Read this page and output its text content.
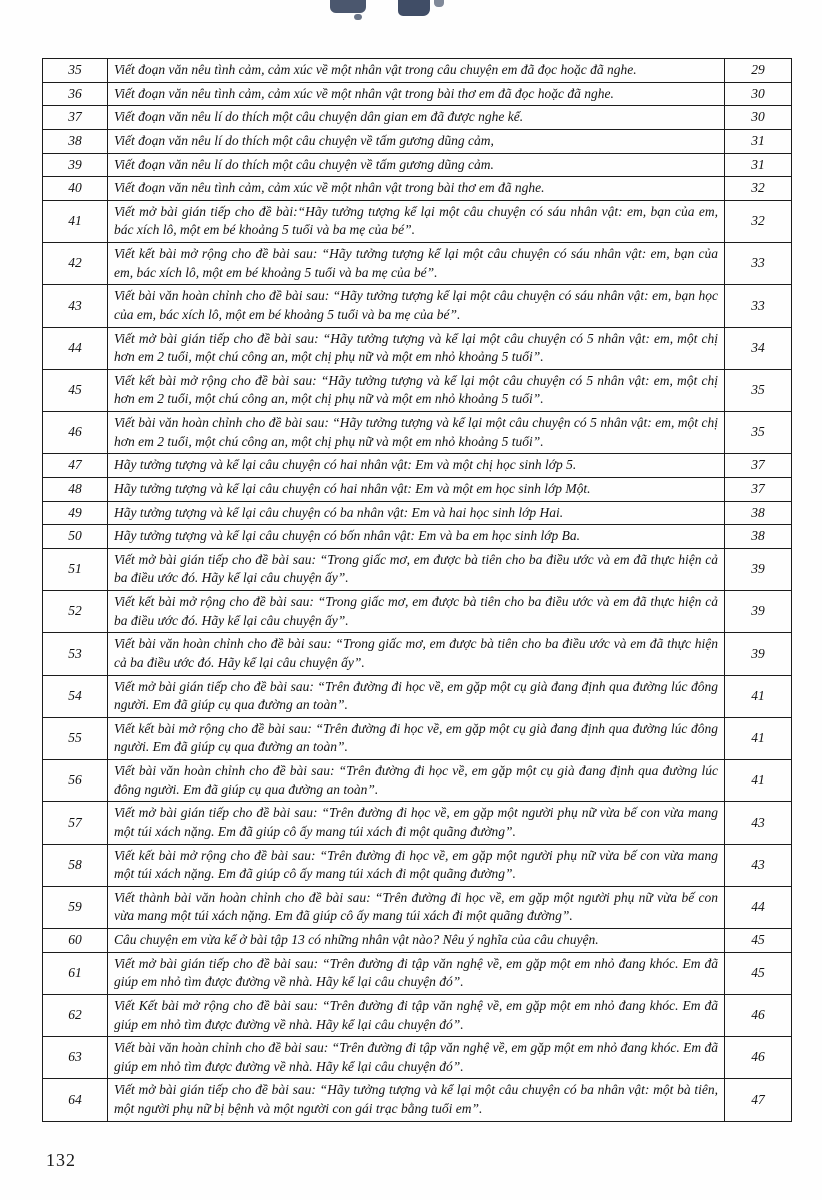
35	Viết đoạn văn nêu tình cảm, cảm xúc về một nhân vật trong câu chuyện em đã đọc hoặc đã nghe.	29
36	Viết đoạn văn nêu tình cảm, cảm xúc về một nhân vật trong bài thơ em đã đọc hoặc đã nghe.	30
37	Viết đoạn văn nêu lí do thích một câu chuyện dân gian em đã được nghe kể.	30
38	Viết đoạn văn nêu lí do thích một câu chuyện về tấm gương dũng cảm,	31
39	Viết đoạn văn nêu lí do thích một câu chuyện về tấm gương dũng cảm.	31
40	Viết đoạn văn nêu tình cảm, cảm xúc về một nhân vật trong bài thơ em đã nghe.	32
41	Viết mở bài gián tiếp cho đề bài:“Hãy tưởng tượng kể lại một câu chuyện có sáu nhân vật: em, bạn của em, bác xích lô, một em bé khoảng 5 tuổi và ba mẹ của bé”.	32
42	Viết kết bài mở rộng cho đề bài sau: “Hãy tưởng tượng kể lại một câu chuyện có sáu nhân vật: em, bạn của em, bác xích lô, một em bé khoảng 5 tuổi và ba mẹ của bé”.	33
43	Viết bài văn hoàn chỉnh cho đề bài sau: “Hãy tưởng tượng kể lại một câu chuyện có sáu nhân vật: em, bạn học của em, bác xích lô, một em bé khoảng 5 tuổi và ba mẹ của bé”.	33
44	Viết mở bài gián tiếp cho đề bài sau: “Hãy tưởng tượng và kể lại một câu chuyện có 5 nhân vật: em, một chị hơn em 2 tuổi, một chú công an, một chị phụ nữ và một em nhỏ khoảng 5 tuổi”.	34
45	Viết kết bài mở rộng cho đề bài sau: “Hãy tưởng tượng và kể lại một câu chuyện có 5 nhân vật: em, một chị hơn em 2 tuổi, một chú công an, một chị phụ nữ và một em nhỏ khoảng 5 tuổi”.	35
46	Viết bài văn hoàn chỉnh cho đề bài sau: “Hãy tưởng tượng và kể lại một câu chuyện có 5 nhân vật: em, một chị hơn em 2 tuổi, một chú công an, một chị phụ nữ và một em nhỏ khoảng 5 tuổi”.	35
47	Hãy tưởng tượng và kể lại câu chuyện có hai nhân vật: Em và một chị học sinh lớp 5.	37
48	Hãy tưởng tượng và kể lại câu chuyện có hai nhân vật: Em và một em học sinh lớp Một.	37
49	Hãy tưởng tượng và kể lại câu chuyện có ba nhân vật: Em và hai học sinh lớp Hai.	38
50	Hãy tưởng tượng và kể lại câu chuyện có bốn nhân vật: Em và ba em học sinh lớp Ba.	38
51	Viết mở bài gián tiếp cho đề bài sau: “Trong giấc mơ, em được bà tiên cho ba điều ước và em đã thực hiện cả ba điều ước đó. Hãy kể lại câu chuyện ấy”.	39
52	Viết kết bài mở rộng cho đề bài sau: “Trong giấc mơ, em được bà tiên cho ba điều ước và em đã thực hiện cả ba điều ước đó. Hãy kể lại câu chuyện ấy”.	39
53	Viết bài văn hoàn chỉnh cho đề bài sau: “Trong giấc mơ, em được bà tiên cho ba điều ước và em đã thực hiện cả ba điều ước đó. Hãy kể lại câu chuyện ấy”.	39
54	Viết mở bài gián tiếp cho đề bài sau: “Trên đường đi học về, em gặp một cụ già đang định qua đường lúc đông người. Em đã giúp cụ qua đường an toàn”.	41
55	Viết kết bài mở rộng cho đề bài sau: “Trên đường đi học về, em gặp một cụ già đang định qua đường lúc đông người. Em đã giúp cụ qua đường an toàn”.	41
56	Viết bài văn hoàn chỉnh cho đề bài sau: “Trên đường đi học về, em gặp một cụ già đang định qua đường lúc đông người. Em đã giúp cụ qua đường an toàn”.	41
57	Viết mở bài gián tiếp cho đề bài sau: “Trên đường đi học về, em gặp một người phụ nữ vừa bế con vừa mang một túi xách nặng. Em đã giúp cô ấy mang túi xách đi một quãng đường”.	43
58	Viết kết bài mở rộng cho đề bài sau: “Trên đường đi học về, em gặp một người phụ nữ vừa bế con vừa mang một túi xách nặng. Em đã giúp cô ấy mang túi xách đi một quãng đường”.	43
59	Viết thành bài văn hoàn chỉnh cho đề bài sau: “Trên đường đi học về, em gặp một người phụ nữ vừa bế con vừa mang một túi xách nặng. Em đã giúp cô ấy mang túi xách đi một quãng đường”.	44
60	Câu chuyện em vừa kể ở bài tập 13 có những nhân vật nào? Nêu ý nghĩa của câu chuyện.	45
61	Viết mở bài gián tiếp cho đề bài sau: “Trên đường đi tập văn nghệ về, em gặp một em nhỏ đang khóc. Em đã giúp em nhỏ tìm được đường về nhà. Hãy kể lại câu chuyện đó”.	45
62	Viết Kết bài mở rộng cho đề bài sau: “Trên đường đi tập văn nghệ về, em gặp một em nhỏ đang khóc. Em đã giúp em nhỏ tìm được đường về nhà. Hãy kể lại câu chuyện đó”.	46
63	Viết bài văn hoàn chỉnh cho đề bài sau: “Trên đường đi tập văn nghệ về, em gặp một em nhỏ đang khóc. Em đã giúp em nhỏ tìm được đường về nhà. Hãy kể lại câu chuyện đó”.	46
64	Viết mở bài gián tiếp cho đề bài sau: “Hãy tưởng tượng và kể lại một câu chuyện có ba nhân vật: một bà tiên, một người phụ nữ bị bệnh và một người con gái trạc bằng tuổi em”.	47
132
